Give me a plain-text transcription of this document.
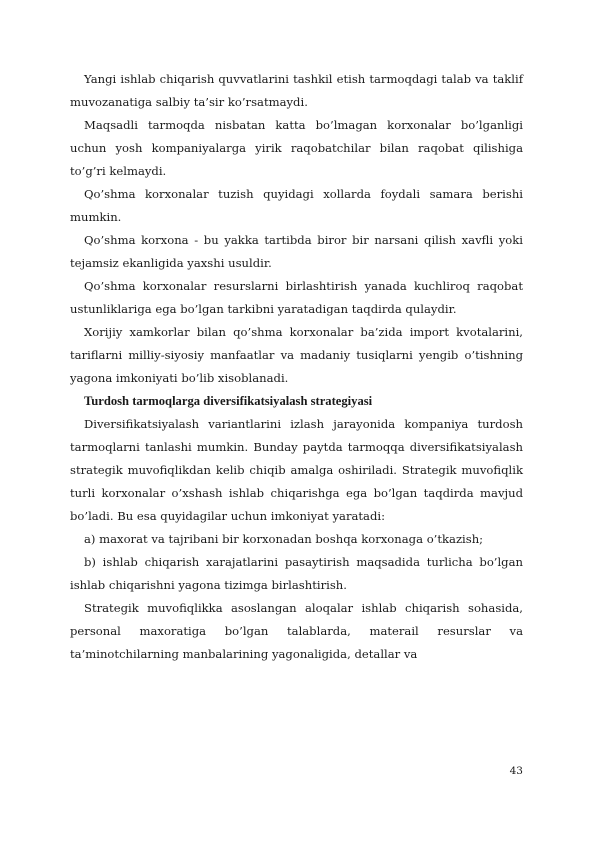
Yangi ishlab chiqarish quvvatlarini tashkil etish tarmoqdagi talab va taklif muvozanatiga salbiy ta’sir ko’rsatmaydi.

Maqsadli tarmoqda nisbatan katta bo’lmagan korxonalar bo’lganligi uchun yosh kompaniyalarga yirik raqobatchilar bilan raqobat qilishiga to’g’ri kelmaydi.

Qo’shma korxonalar tuzish quyidagi xollarda foydali samara berishi mumkin.

Qo’shma korxona - bu yakka tartibda biror bir narsani qilish xavfli yoki tejamsiz ekanligida yaxshi usuldir.

Qo’shma korxonalar resurslarni birlashtirish yanada kuchliroq raqobat ustunliklariga ega bo’lgan tarkibni yaratadigan taqdirda qulaydir.

Xorijiy xamkorlar bilan qo’shma korxonalar ba’zida import kvotalarini, tariflarni milliy-siyosiy manfaatlar va madaniy tusiqlarni yengib o’tishning yagona imkoniyati bo’lib xisoblanadi.

Turdosh tarmoqlarga diversifikatsiyalash strategiyasi

Diversifikatsiyalash variantlarini izlash jarayonida kompaniya turdosh tarmoqlarni tanlashi mumkin. Bunday paytda tarmoqqa diversifikatsiyalash strategik muvofiqlikdan kelib chiqib amalga oshiriladi. Strategik muvofiqlik turli korxonalar o’xshash ishlab chiqarishga ega bo’lgan taqdirda mavjud bo’ladi. Bu esa quyidagilar uchun imkoniyat yaratadi:

a) maxorat va tajribani bir korxonadan boshqa korxonaga o’tkazish;

b) ishlab chiqarish xarajatlarini pasaytirish maqsadida turlicha bo’lgan ishlab chiqarishni yagona tizimga birlashtirish.

Strategik muvofiqlikka asoslangan aloqalar ishlab chiqarish sohasida, personal maxoratiga bo’lgan talablarda, materail resurslar va ta’minotchilarning manbalarining yagonaligida, detallar va

43
